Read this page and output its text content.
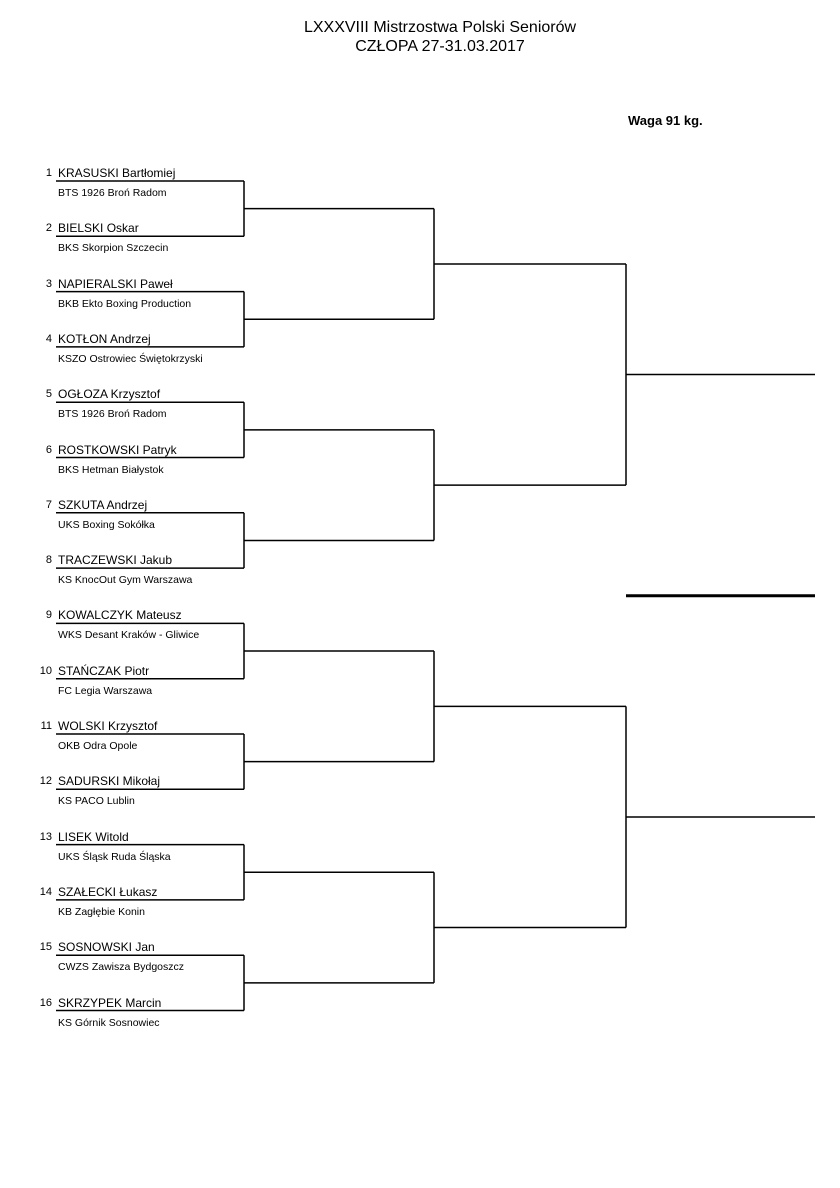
LXXXVIII Mistrzostwa Polski Seniorów
CZŁOPA 27-31.03.2017
Waga 91 kg.
1 KRASUSKI Bartłomiej
BTS 1926 Broń Radom
2 BIELSKI Oskar
BKS Skorpion Szczecin
3 NAPIERALSKI Paweł
BKB Ekto Boxing Production
4 KOTŁON Andrzej
KSZO Ostrowiec Świętokrzyski
5 OGŁOZA Krzysztof
BTS 1926 Broń Radom
6 ROSTKOWSKI Patryk
BKS Hetman Białystok
7 SZKUTA Andrzej
UKS Boxing Sokółka
8 TRACZEWSKI Jakub
KS KnocOut Gym Warszawa
9 KOWALCZYK Mateusz
WKS Desant Kraków - Gliwice
10 STAŃCZAK Piotr
FC Legia Warszawa
11 WOLSKI Krzysztof
OKB Odra Opole
12 SADURSKI Mikołaj
KS PACO Lublin
13 LISEK Witold
UKS Śląsk Ruda Śląska
14 SZAŁECKI Łukasz
KB Zagłębie Konin
15 SOSNOWSKI Jan
CWZS Zawisza Bydgoszcz
16 SKRZYPEK Marcin
KS Górnik Sosnowiec
